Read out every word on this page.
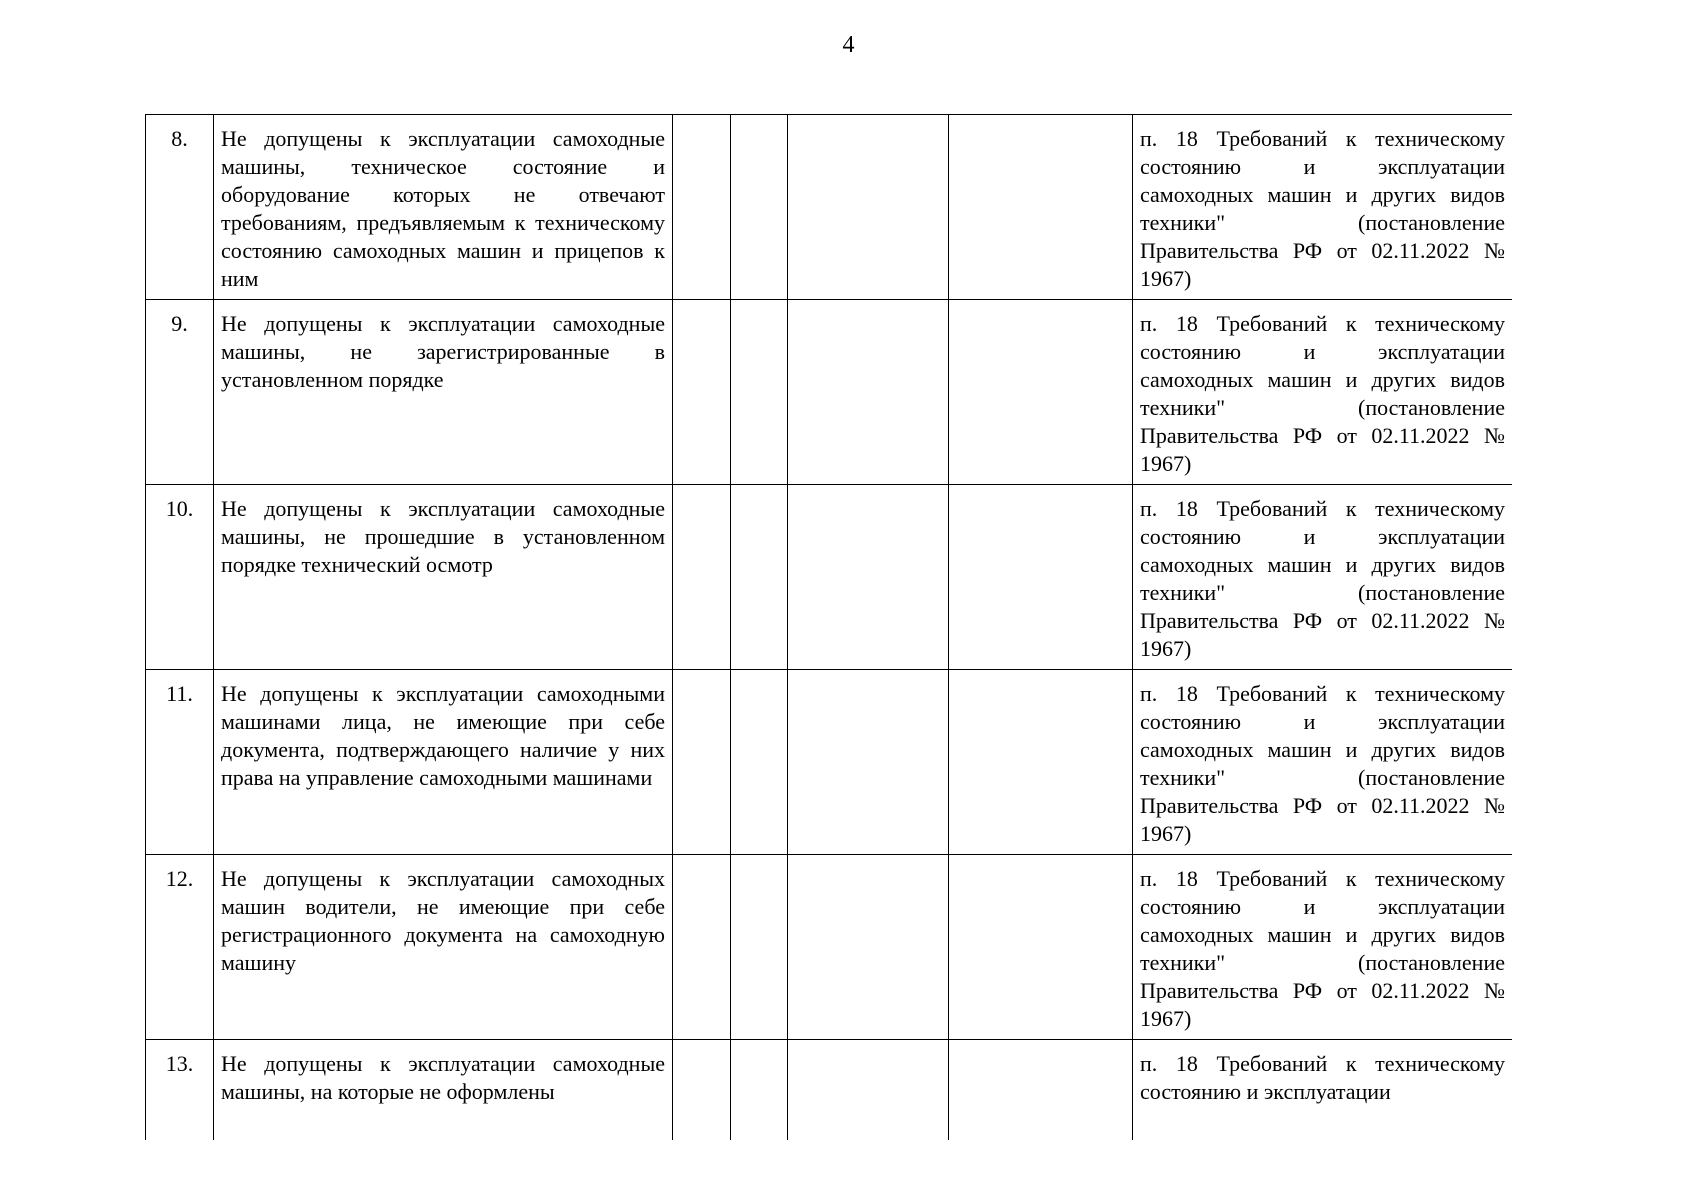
4
8.	Не допущены к эксплуатации самоходные машины, техническое состояние и оборудование которых не отвечают требованиям, предъявляемым к техническому состоянию самоходных машин и прицепов к ним					п. 18 Требований к техническому состоянию и эксплуатации самоходных машин и других видов техники" (постановление Правительства РФ от 02.11.2022 № 1967)
9.	Не допущены к эксплуатации самоходные машины, не зарегистрированные в установленном порядке					п. 18 Требований к техническому состоянию и эксплуатации самоходных машин и других видов техники" (постановление Правительства РФ от 02.11.2022 № 1967)
10.	Не допущены к эксплуатации самоходные машины, не прошедшие в установленном порядке технический осмотр					п. 18 Требований к техническому состоянию и эксплуатации самоходных машин и других видов техники" (постановление Правительства РФ от 02.11.2022 № 1967)
11.	Не допущены к эксплуатации самоходными машинами лица, не имеющие при себе документа, подтверждающего наличие у них права на управление самоходными машинами					п. 18 Требований к техническому состоянию и эксплуатации самоходных машин и других видов техники" (постановление Правительства РФ от 02.11.2022 № 1967)
12.	Не допущены к эксплуатации самоходных машин водители, не имеющие при себе регистрационного документа на самоходную машину					п. 18 Требований к техническому состоянию и эксплуатации самоходных машин и других видов техники" (постановление Правительства РФ от 02.11.2022 № 1967)
13.	Не допущены к эксплуатации самоходные машины, на которые не оформлены					п. 18 Требований к техническому состоянию и эксплуатации
